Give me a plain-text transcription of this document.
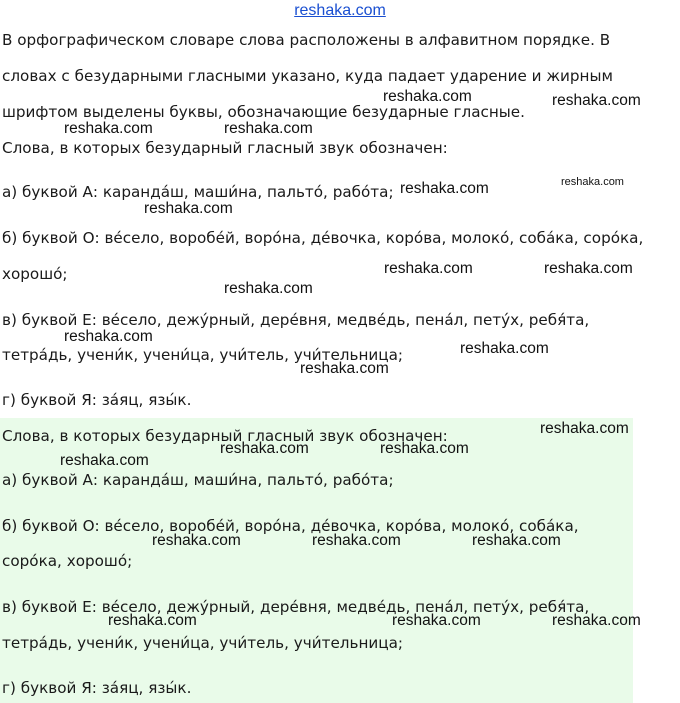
reshaka.com
В орфографическом словаре слова расположены в алфавитном порядке. В
словах с безударными гласными указано, куда падает ударение и жирным
шрифтом выделены буквы, обозначающие безударные гласные.
Слова, в которых безударный гласный звук обозначен:
а) буквой А: каранда́ш, маши́на, пальто́, рабо́та;
б) буквой О: ве́село, воробе́й, воро́на, де́вочка, коро́ва, молоко́, соба́ка, соро́ка,
хорошо́;
в) буквой Е: ве́село, дежу́рный, дере́вня, медве́дь, пена́л, пету́х, ребя́та,
тетра́дь, учени́к, учени́ца, учи́тель, учи́тельница;
г) буквой Я: за́яц, язы́к.
Слова, в которых безударный гласный звук обозначен:
а) буквой А: каранда́ш, маши́на, пальто́, рабо́та;
б) буквой О: ве́село, воробе́й, воро́на, де́вочка, коро́ва, молоко́, соба́ка,
соро́ка, хорошо́;
в) буквой Е: ве́село, дежу́рный, дере́вня, медве́дь, пена́л, пету́х, ребя́та,
тетра́дь, учени́к, учени́ца, учи́тель, учи́тельница;
г) буквой Я: за́яц, язы́к.
reshaka.com	reshaka.com
reshaka.com	reshaka.com
reshaka.com
reshaka.com
reshaka.com
reshaka.com	reshaka.com
reshaka.com
reshaka.com
reshaka.com
reshaka.com
reshaka.com
reshaka.com	reshaka.com
reshaka.com
reshaka.com	reshaka.com	reshaka.com
reshaka.com	reshaka.com	reshaka.com
